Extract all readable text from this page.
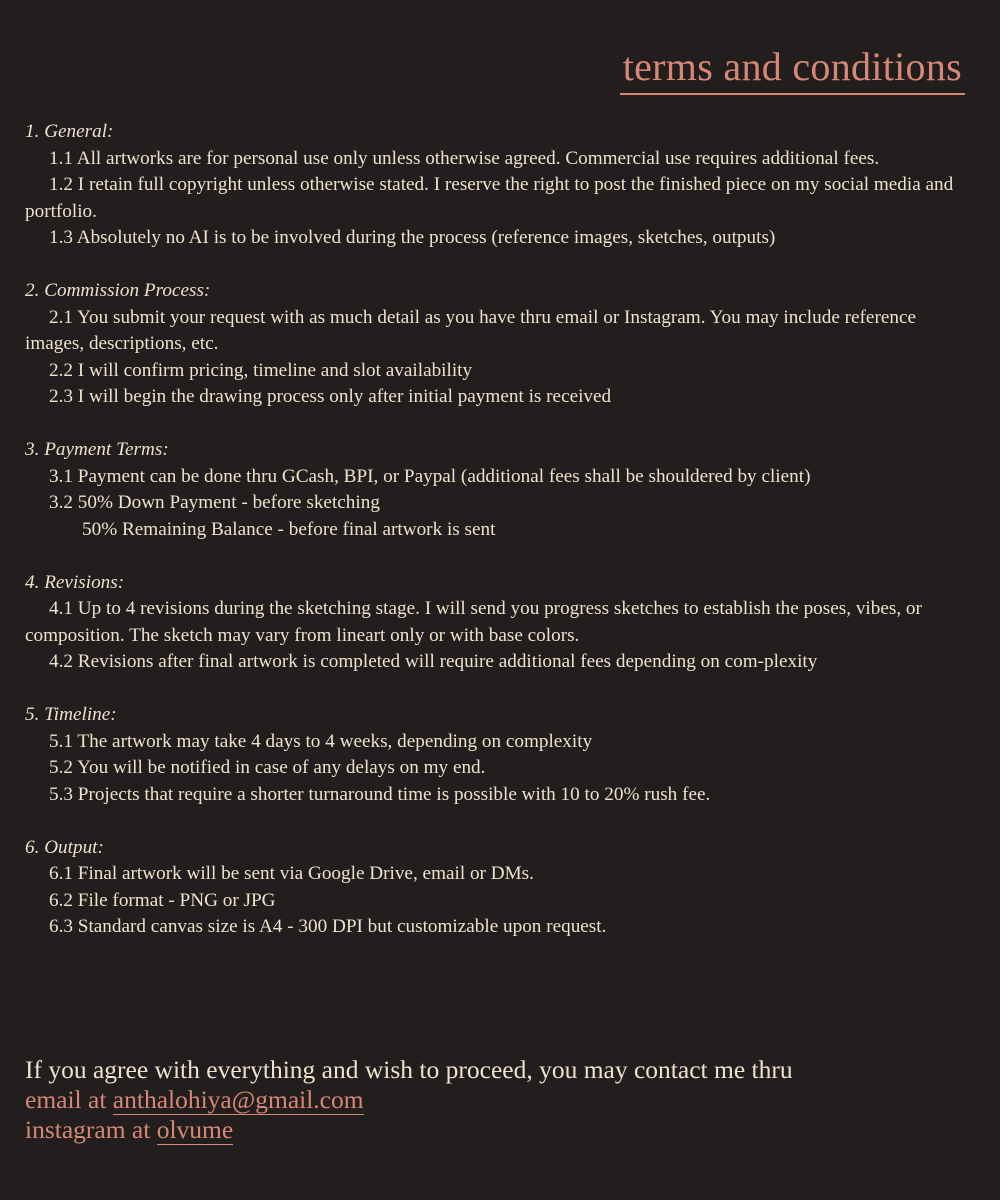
terms and conditions
1. General:

1.1 All artworks are for personal use only unless otherwise agreed. Commercial use requires additional fees.

1.2 I retain full copyright unless otherwise stated. I reserve the right to post the finished piece on my social media and portfolio.

1.3 Absolutely no AI is to be involved during the process (reference images, sketches, outputs)

2. Commission Process:

2.1 You submit your request with as much detail as you have thru email or Instagram. You may include reference images, descriptions, etc.

2.2 I will confirm pricing, timeline and slot availability

2.3 I will begin the drawing process only after initial payment is received

3. Payment Terms:

3.1 Payment can be done thru GCash, BPI, or Paypal (additional fees shall be shouldered by client)

3.2 50% Down Payment - before sketching

50% Remaining Balance - before final artwork is sent

4. Revisions:

4.1 Up to 4 revisions during the sketching stage. I will send you progress sketches to establish the poses, vibes, or composition. The sketch may vary from lineart only or with base colors.

4.2 Revisions after final artwork is completed will require additional fees depending on com-plexity

5. Timeline:

5.1 The artwork may take 4 days to 4 weeks, depending on complexity

5.2 You will be notified in case of any delays on my end.

5.3 Projects that require a shorter turnaround time is possible with 10 to 20% rush fee.

6. Output:

6.1 Final artwork will be sent via Google Drive, email or DMs.

6.2 File format - PNG or JPG

6.3 Standard canvas size is A4 - 300 DPI but customizable upon request.

If you agree with everything and wish to proceed, you may contact me thru
email at anthalohiya@gmail.com
instagram at olvume
